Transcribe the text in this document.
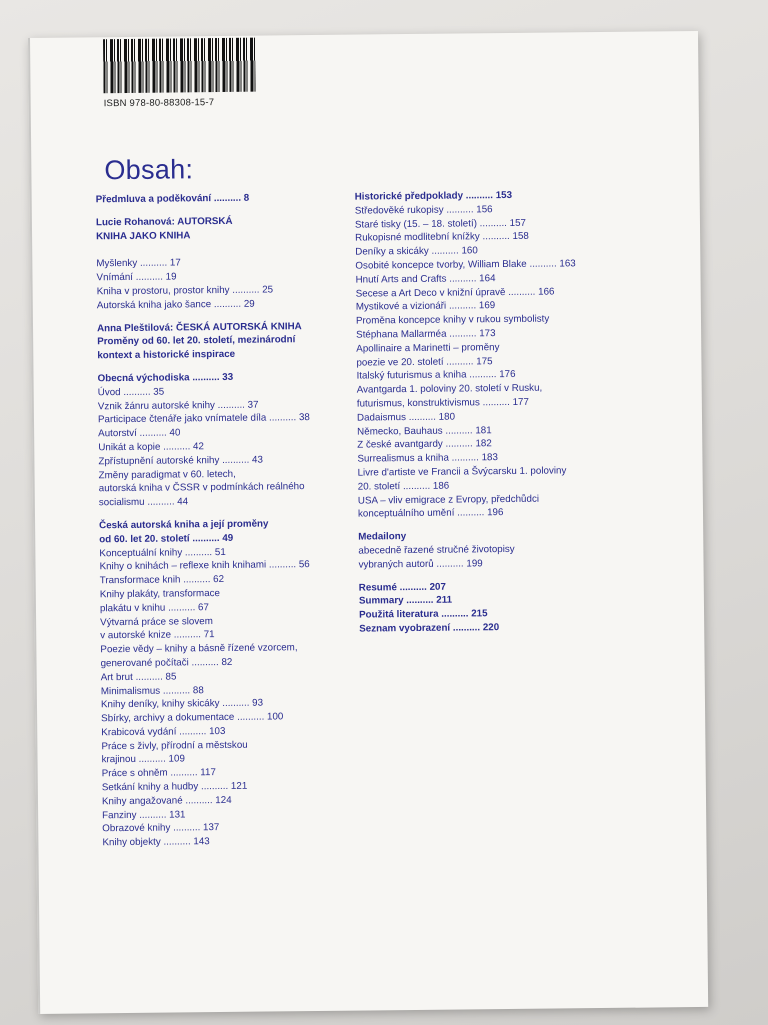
ISBN 978-80-88308-15-7
Obsah:
Předmluva a poděkování .......... 8
Lucie Rohanová: AUTORSKÁ
KNIHA JAKO KNIHA
Myšlenky .......... 17
Vnímání .......... 19
Kniha v prostoru, prostor knihy .......... 25
Autorská kniha jako šance .......... 29
Anna Pleštilová: ČESKÁ AUTORSKÁ KNIHA
Proměny od 60. let 20. století, mezinárodní
kontext a historické inspirace
Obecná východiska .......... 33
Úvod .......... 35
Vznik žánru autorské knihy .......... 37
Participace čtenáře jako vnímatele díla .......... 38
Autorství .......... 40
Unikát a kopie .......... 42
Zpřístupnění autorské knihy .......... 43
Změny paradigmat v 60. letech,
autorská kniha v ČSSR v podmínkách reálného
socialismu .......... 44
Česká autorská kniha a její proměny
od 60. let 20. století .......... 49
Konceptuální knihy .......... 51
Knihy o knihách – reflexe knih knihami .......... 56
Transformace knih .......... 62
Knihy plakáty, transformace
plakátu v knihu .......... 67
Výtvarná práce se slovem
v autorské knize .......... 71
Poezie vědy – knihy a básně řízené vzorcem,
generované počítači .......... 82
Art brut .......... 85
Minimalismus .......... 88
Knihy deníky, knihy skicáky .......... 93
Sbírky, archivy a dokumentace .......... 100
Krabicová vydání .......... 103
Práce s živly, přírodní a městskou
krajinou .......... 109
Práce s ohněm .......... 117
Setkání knihy a hudby .......... 121
Knihy angažované .......... 124
Fanziny .......... 131
Obrazové knihy .......... 137
Knihy objekty .......... 143
Historické předpoklady .......... 153
Středověké rukopisy .......... 156
Staré tisky (15. – 18. století) .......... 157
Rukopisné modlitební knížky .......... 158
Deníky a skicáky .......... 160
Osobité koncepce tvorby, William Blake .......... 163
Hnutí Arts and Crafts .......... 164
Secese a Art Deco v knižní úpravě .......... 166
Mystikové a vizionáři .......... 169
Proměna koncepce knihy v rukou symbolisty
Stéphana Mallarméa .......... 173
Apollinaire a Marinetti – proměny
poezie ve 20. století .......... 175
Italský futurismus a kniha .......... 176
Avantgarda 1. poloviny 20. století v Rusku,
futurismus, konstruktivismus .......... 177
Dadaismus .......... 180
Německo, Bauhaus .......... 181
Z české avantgardy .......... 182
Surrealismus a kniha .......... 183
Livre d'artiste ve Francii a Švýcarsku 1. poloviny
20. století .......... 186
USA – vliv emigrace z Evropy, předchůdci
konceptuálního umění .......... 196
Medailony
abecedně řazené stručné životopisy
vybraných autorů .......... 199
Resumé .......... 207
Summary .......... 211
Použitá literatura .......... 215
Seznam vyobrazení .......... 220
